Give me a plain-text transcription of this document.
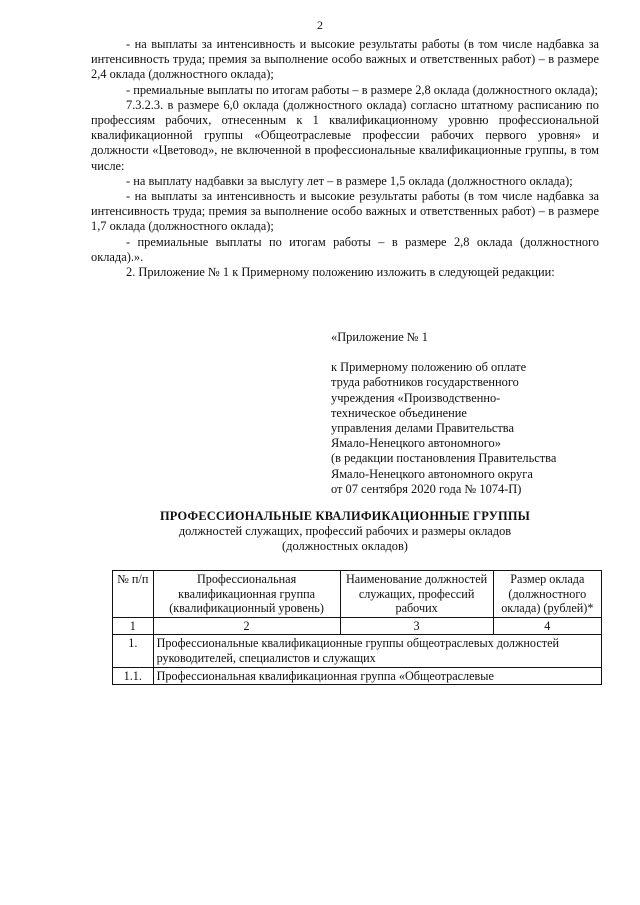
2

- на выплаты за интенсивность и высокие результаты работы (в том числе надбавка за интенсивность труда; премия за выполнение особо важных и ответственных работ) – в размере 2,4 оклада (должностного оклада);

- премиальные выплаты по итогам работы – в размере 2,8 оклада (должностного оклада);

7.3.2.3. в размере 6,0 оклада (должностного оклада) согласно штатному расписанию по профессиям рабочих, отнесенным к 1 квалификационному уровню профессиональной квалификационной группы «Общеотраслевые профессии рабочих первого уровня» и должности «Цветовод», не включенной в профессиональные квалификационные группы, в том числе:

- на выплату надбавки за выслугу лет – в размере 1,5 оклада (должностного оклада);

- на выплаты за интенсивность и высокие результаты работы (в том числе надбавка за интенсивность труда; премия за выполнение особо важных и ответственных работ) – в размере 1,7 оклада (должностного оклада);

- премиальные выплаты по итогам работы – в размере 2,8 оклада (должностного оклада).».

2. Приложение № 1 к Примерному положению изложить в следующей редакции:

«Приложение № 1

к Примерному положению об оплате

труда работников государственного

учреждения «Производственно-

техническое объединение

управления делами Правительства

Ямало-Ненецкого автономного»

(в редакции постановления Правительства

Ямало-Ненецкого автономного округа

от 07 сентября 2020 года № 1074-П)

ПРОФЕССИОНАЛЬНЫЕ КВАЛИФИКАЦИОННЫЕ ГРУППЫ
должностей служащих, профессий рабочих и размеры окладов
(должностных окладов)
№ п/п	Профессиональная квалификационная группа (квалификационный уровень)	Наименование должностей служащих, профессий рабочих	Размер оклада (должностного оклада) (рублей)*
1	2	3	4
1.	Профессиональные квалификационные группы общеотраслевых должностей руководителей, специалистов и служащих		
1.1.	Профессиональная квалификационная группа «Общеотраслевые		
